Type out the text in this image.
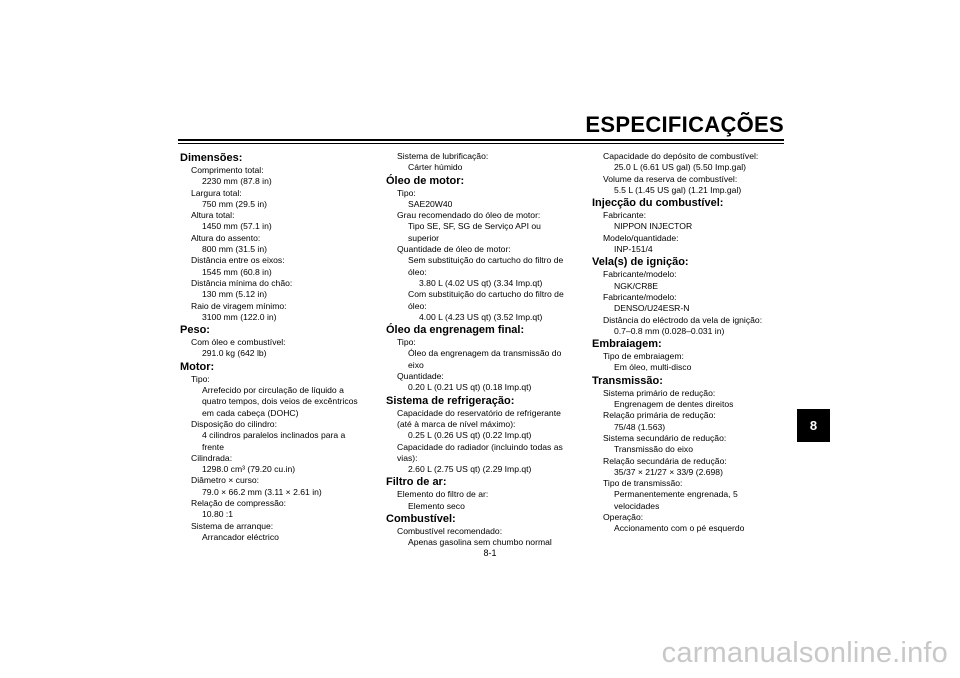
ESPECIFICAÇÕES
Dimensões:
Comprimento total:
2230 mm (87.8 in)
Largura total:
750 mm (29.5 in)
Altura total:
1450 mm (57.1 in)
Altura do assento:
800 mm (31.5 in)
Distância entre os eixos:
1545 mm (60.8 in)
Distância mínima do chão:
130 mm (5.12 in)
Raio de viragem mínimo:
3100 mm (122.0 in)
Peso:
Com óleo e combustível:
291.0 kg (642 lb)
Motor:
Tipo:
Arrefecido por circulação de líquido a
quatro tempos, dois veios de excêntricos
em cada cabeça (DOHC)
Disposição do cilindro:
4 cilindros paralelos inclinados para a
frente
Cilindrada:
1298.0 cm³ (79.20 cu.in)
Diâmetro × curso:
79.0 × 66.2 mm (3.11 × 2.61 in)
Relação de compressão:
10.80 :1
Sistema de arranque:
Arrancador eléctrico
Sistema de lubrificação:
Cárter húmido
Óleo de motor:
Tipo:
SAE20W40
Grau recomendado do óleo de motor:
Tipo SE, SF, SG de Serviço API ou
superior
Quantidade de óleo de motor:
Sem substituição do cartucho do filtro de
óleo:
3.80 L (4.02 US qt) (3.34 Imp.qt)
Com substituição do cartucho do filtro de
óleo:
4.00 L (4.23 US qt) (3.52 Imp.qt)
Óleo da engrenagem final:
Tipo:
Óleo da engrenagem da transmissão do
eixo
Quantidade:
0.20 L (0.21 US qt) (0.18 Imp.qt)
Sistema de refrigeração:
Capacidade do reservatório de refrigerante
(até à marca de nível máximo):
0.25 L (0.26 US qt) (0.22 Imp.qt)
Capacidade do radiador (incluindo todas as
vias):
2.60 L (2.75 US qt) (2.29 Imp.qt)
Filtro de ar:
Elemento do filtro de ar:
Elemento seco
Combustível:
Combustível recomendado:
Apenas gasolina sem chumbo normal
Capacidade do depósito de combustível:
25.0 L (6.61 US gal) (5.50 Imp.gal)
Volume da reserva de combustível:
5.5 L (1.45 US gal) (1.21 Imp.gal)
Injecção du combustível:
Fabricante:
NIPPON INJECTOR
Modelo/quantidade:
INP-151/4
Vela(s) de ignição:
Fabricante/modelo:
NGK/CR8E
Fabricante/modelo:
DENSO/U24ESR-N
Distância do eléctrodo da vela de ignição:
0.7–0.8 mm (0.028–0.031 in)
Embraiagem:
Tipo de embraiagem:
Em óleo, multi-disco
Transmissão:
Sistema primário de redução:
Engrenagem de dentes direitos
Relação primária de redução:
75/48 (1.563)
Sistema secundário de redução:
Transmissão do eixo
Relação secundária de redução:
35/37 × 21/27 × 33/9 (2.698)
Tipo de transmissão:
Permanentemente engrenada, 5
velocidades
Operação:
Accionamento com o pé esquerdo
8
8-1
carmanualsonline.info
